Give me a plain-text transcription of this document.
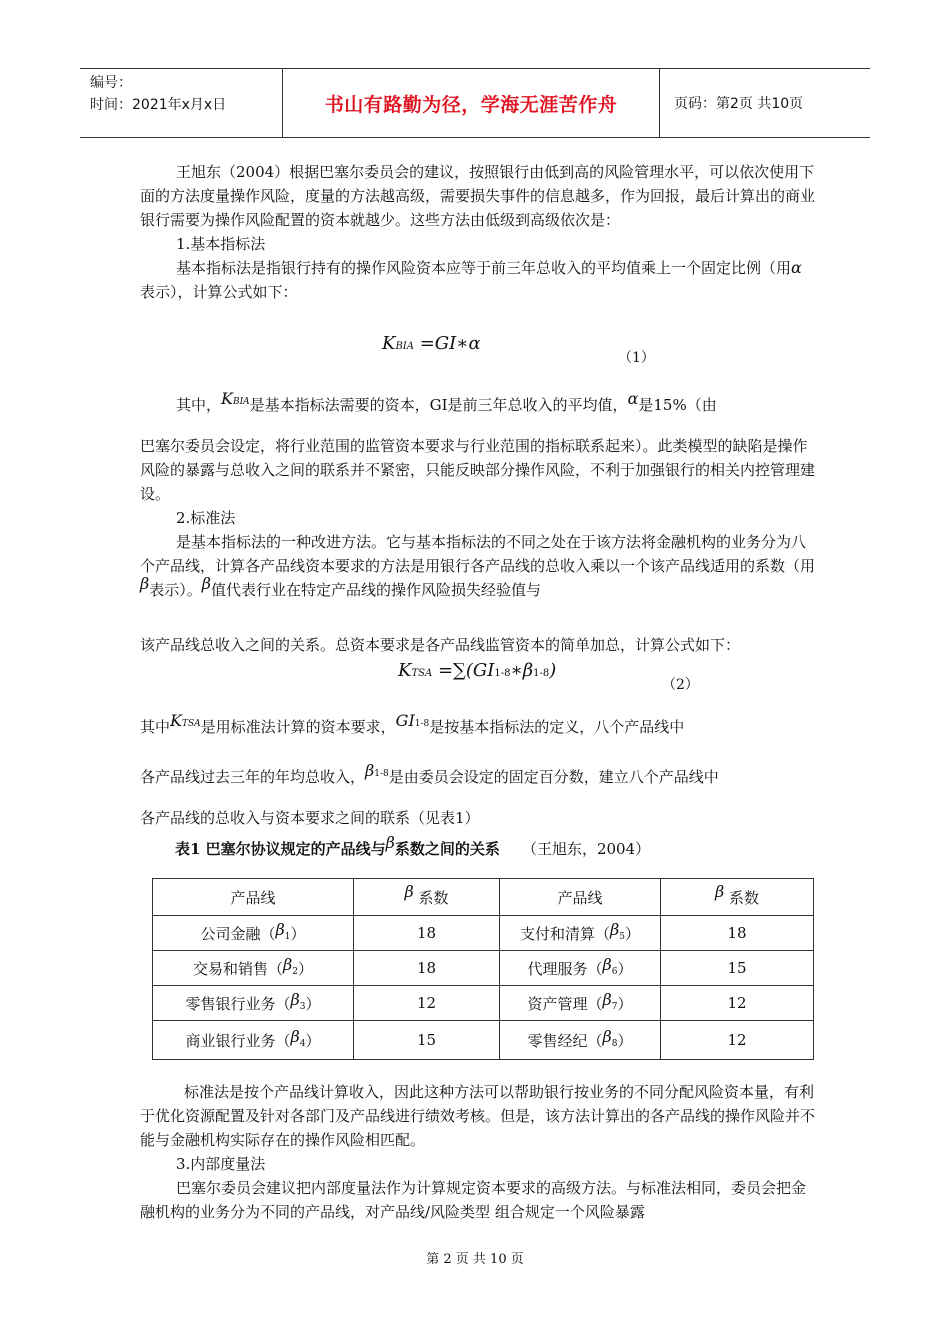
编号：
时间：2021年x月x日	书山有路勤为径，学海无涯苦作舟	页码：第2页 共10页

王旭东（2004）根据巴塞尔委员会的建议，按照银行由低到高的风险管理水平，可以依次使用下面的方法度量操作风险，度量的方法越高级，需要损失事件的信息越多，作为回报，最后计算出的商业银行需要为操作风险配置的资本就越少。这些方法由低级到高级依次是：

1.基本指标法

基本指标法是指银行持有的操作风险资本应等于前三年总收入的平均值乘上一个固定比例（用α表示），计算公式如下：

KBIA =GI∗α
（1）

其中，$K^{BIA}$是基本指标法需要的资本，GI是前三年总收入的平均值，α是15%（由

巴塞尔委员会设定，将行业范围的监管资本要求与行业范围的指标联系起来）。此类模型的缺陷是操作风险的暴露与总收入之间的联系并不紧密，只能反映部分操作风险，不利于加强银行的相关内控管理建设。

2.标准法

是基本指标法的一种改进方法。它与基本指标法的不同之处在于该方法将金融机构的业务分为八个产品线，计算各产品线资本要求的方法是用银行各产品线的总收入乘以一个该产品线适用的系数（用β表示）。β值代表行业在特定产品线的操作风险损失经验值与

该产品线总收入之间的关系。总资本要求是各产品线监管资本的简单加总，计算公式如下：

KTSA =∑(GI1-8∗β1-8)
（2）

其中$K^{TSA}$是用标准法计算的资本要求，GI$^{1-8}$是按基本指标法的定义，八个产品线中

各产品线过去三年的年均总收入，$\beta^{1-8}$是由委员会设定的固定百分数，建立八个产品线中

各产品线的总收入与资本要求之间的联系（见表1）

表1 巴塞尔协议规定的产品线与β系数之间的关系 （王旭东，2004）
产品线	β 系数	产品线	β 系数
公司金融（β1）	18	支付和清算（β5）	18
交易和销售（β2）	18	代理服务（β6）	15
零售银行业务（β3）	12	资产管理（β7）	12
商业银行业务（β4）	15	零售经纪（β8）	12

标准法是按个产品线计算收入，因此这种方法可以帮助银行按业务的不同分配风险资本量，有利于优化资源配置及针对各部门及产品线进行绩效考核。但是，该方法计算出的各产品线的操作风险并不能与金融机构实际存在的操作风险相匹配。

3.内部度量法

巴塞尔委员会建议把内部度量法作为计算规定资本要求的高级方法。与标准法相同，委员会把金融机构的业务分为不同的产品线，对产品线/风险类型 组合规定一个风险暴露

第 2 页 共 10 页
